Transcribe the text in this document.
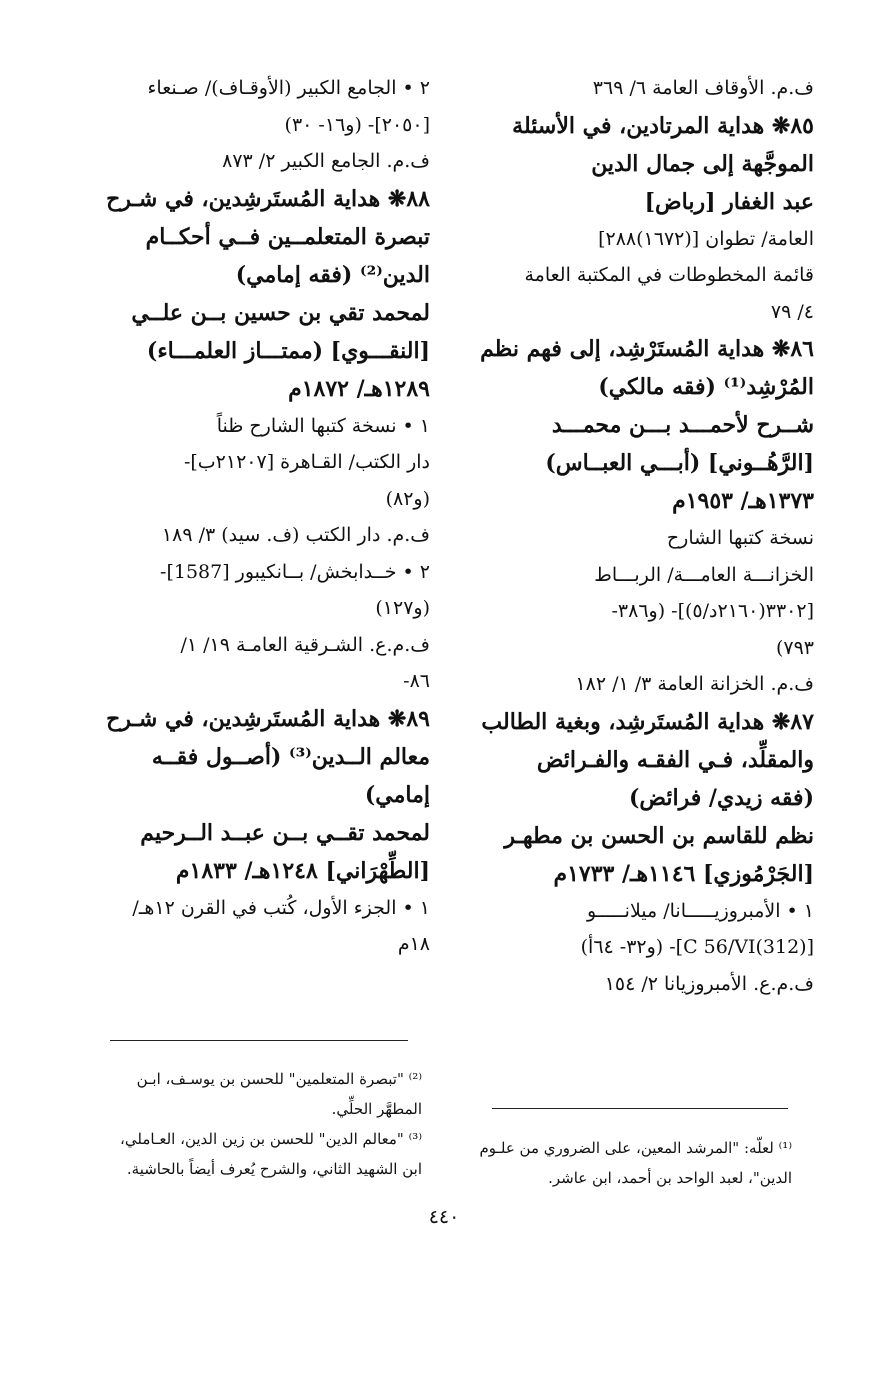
ف.م. الأوقاف العامة ٦/ ٣٦٩
٨٥❋ هداية المرتادين، في الأسئلة
الموجَّهة إلى جمال الدين
عبد الغفار [رباض]
العامة/ تطوان [(١٦٧٢)٢٨٨]
قائمة المخطوطات في المكتبة العامة
٤/ ٧٩
٨٦❋ هداية المُستَرْشِد، إلى فهم نظم
المُرْشِد⁽¹⁾ (فقه مالكي)
شــرح لأحمـــد بـــن محمـــد
[الرَّهُــوني] (أبـــي العبــاس)
١٣٧٣هـ/ ١٩٥٣م
نسخة كتبها الشارح
الخزانـــة العامـــة/ الربـــاط
[٣٣٠٢(٢١٦٠د/٥)]- (و٣٨٦-
٧٩٣)
ف.م. الخزانة العامة ٣/ ١/ ١٨٢
٨٧❋ هداية المُستَرشِد، وبغية الطالب
والمقلِّد، فـي الفقـه والفـرائض
(فقه زيدي/ فرائض)
نظم للقاسم بن الحسن بن مطهـر
[الجَرْمُوزي] ١١٤٦هـ/ ١٧٣٣م
١ • الأمبروزيـــــانا/ ميلانـــــو
[C 56/VI(312)]- (و٣٢- ٦٤أ)
ف.م.ع. الأمبروزيانا ٢/ ١٥٤
٢ • الجامع الكبير (الأوقـاف)/ صـنعاء
[٢٠٥٠]- (و١٦- ٣٠)
ف.م. الجامع الكبير ٢/ ٨٧٣
٨٨❋ هداية المُستَرشِدين، في شـرح
تبصرة المتعلمــين فــي أحكــام
الدين⁽²⁾ (فقه إمامي)
لمحمد تقي بن حسين بــن علــي
[النقـــوي] (ممتـــاز العلمـــاء)
١٢٨٩هـ/ ١٨٧٢م
١ • نسخة كتبها الشارح ظناً
دار الكتب/ القـاهرة [٢١٢٠٧ب]-
(و٨٢)
ف.م. دار الكتب (ف. سيد) ٣/ ١٨٩
٢ • خــدابخش/ بــانكيبور [1587]-
(و١٢٧)
ف.م.ع. الشـرقية العامـة ١٩/ ١/
٨٦-
٨٩❋ هداية المُستَرشِدين، في شـرح
معالم الــدين⁽³⁾ (أصــول فقــه
إمامي)
لمحمد تقــي بــن عبــد الــرحيم
[الطِّهْرَاني] ١٢٤٨هـ/ ١٨٣٣م
١ • الجزء الأول، كُتب في القرن ١٢هـ/
١٨م
⁽¹⁾ لعلّه: "المرشد المعين، على الضروري من علـوم
الدين"، لعبد الواحد بن أحمد، ابن عاشر.
⁽²⁾ "تبصرة المتعلمين" للحسن بن يوسـف، ابـن
المطهَّر الحلِّي.
⁽³⁾ "معالم الدين" للحسن بن زين الدين، العـاملي،
ابن الشهيد الثاني، والشرح يُعرف أيضاً بالحاشية.
٤٤٠
